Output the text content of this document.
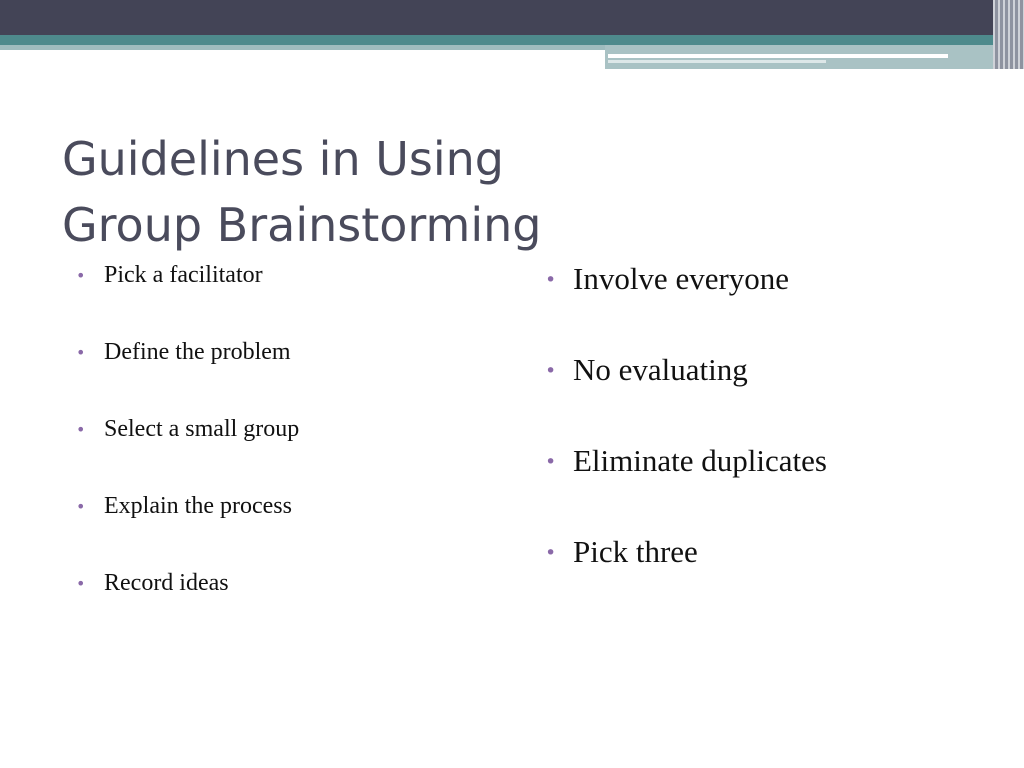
Guidelines in Using
Group Brainstorming
• Pick a facilitator
• Define the problem
• Select a small group
• Explain the process
• Record ideas
• Involve everyone
• No evaluating
• Eliminate duplicates
• Pick three
